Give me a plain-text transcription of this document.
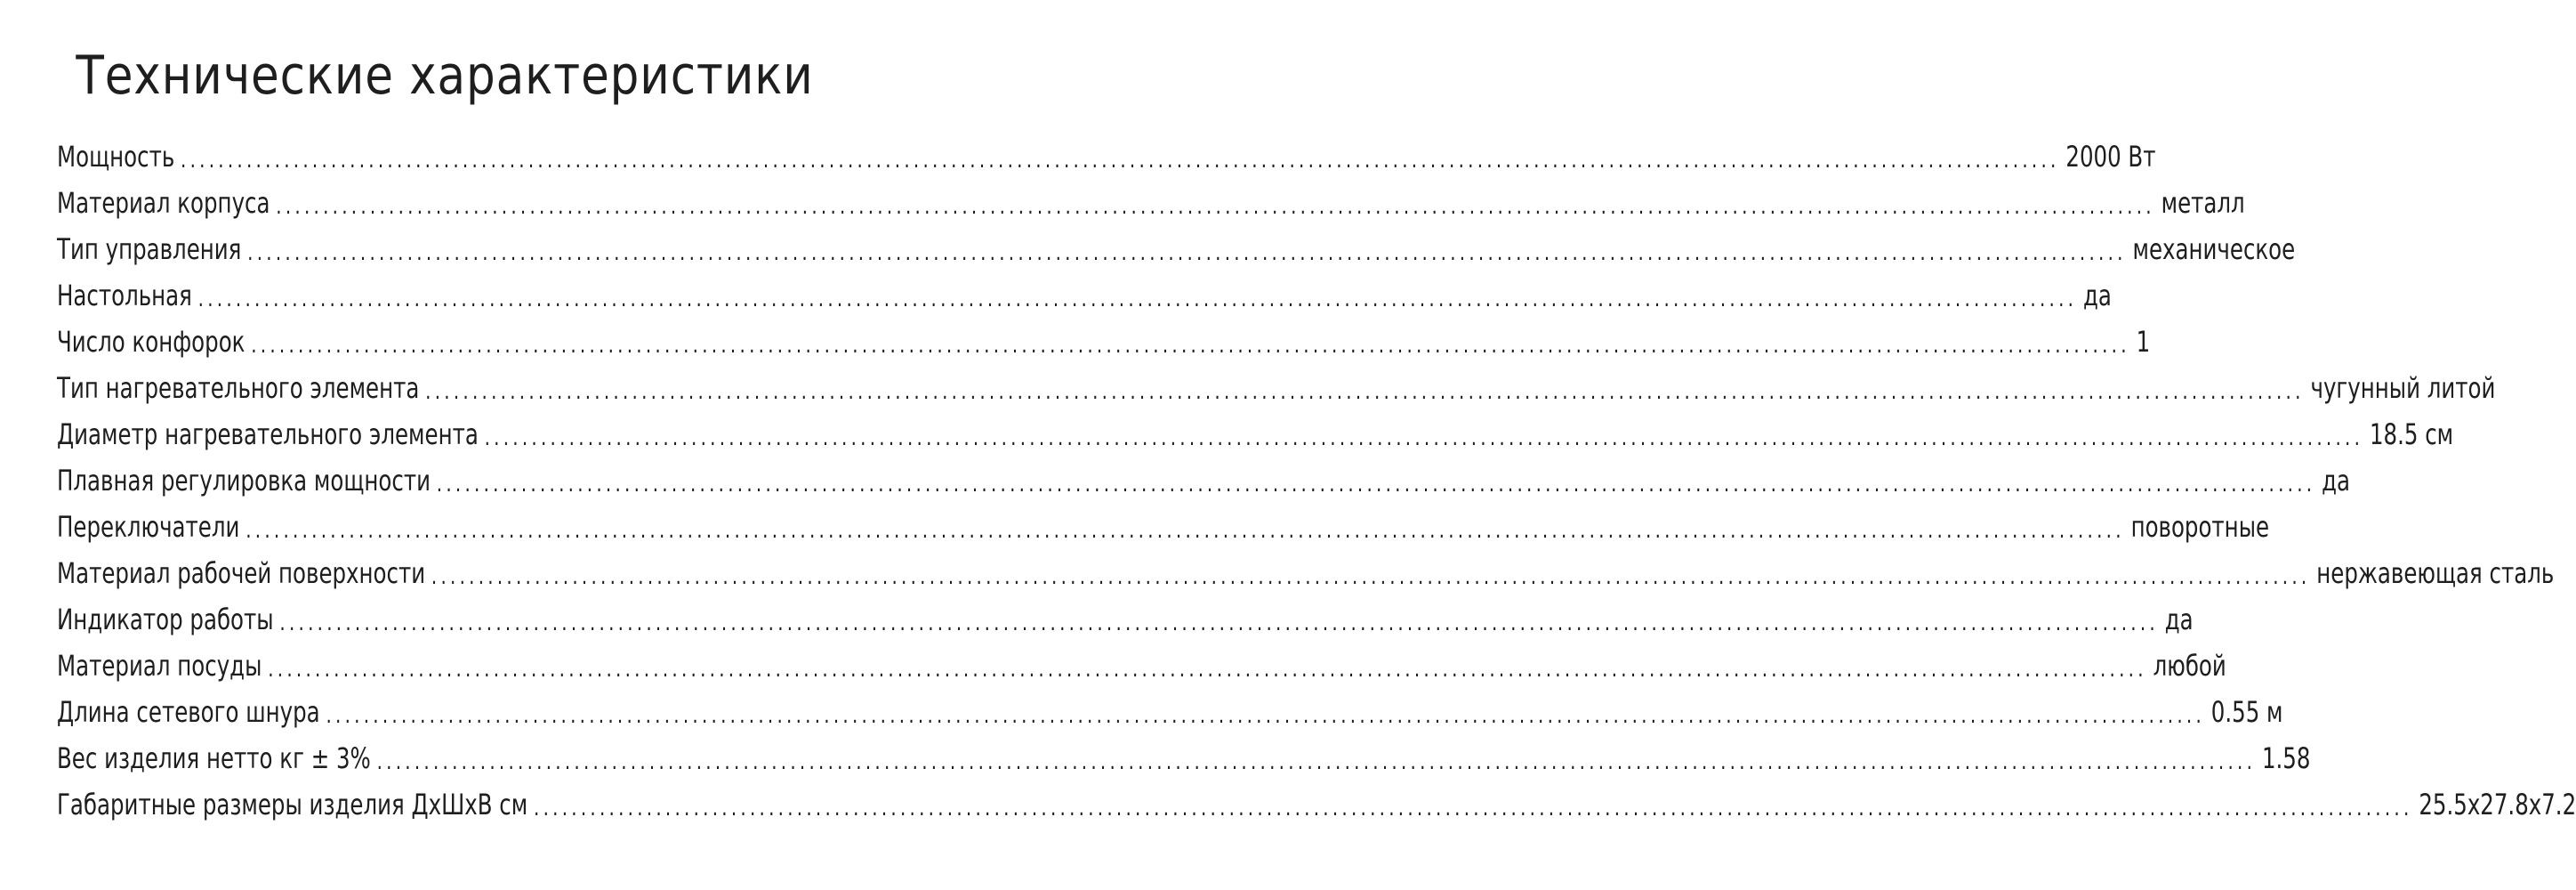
Технические характеристики
Мощность ........................................................................................................................................................................................................ 2000 Вт
Материал корпуса ........................................................................................................................................................................................................ металл
Тип управления ........................................................................................................................................................................................................ механическое
Настольная ........................................................................................................................................................................................................ да
Число конфорок ........................................................................................................................................................................................................ 1
Тип нагревательного элемента ........................................................................................................................................................................................................ чугунный литой
Диаметр нагревательного элемента ........................................................................................................................................................................................................ 18.5 см
Плавная регулировка мощности ........................................................................................................................................................................................................ да
Переключатели ........................................................................................................................................................................................................ поворотные
Материал рабочей поверхности ........................................................................................................................................................................................................ нержавеющая сталь
Индикатор работы ........................................................................................................................................................................................................ да
Материал посуды ........................................................................................................................................................................................................ любой
Длина сетевого шнура ........................................................................................................................................................................................................ 0.55 м
Вес изделия нетто кг ± 3% ........................................................................................................................................................................................................ 1.58
Габаритные размеры изделия ДхШхВ см ........................................................................................................................................................................................................ 25.5х27.8х7.2
